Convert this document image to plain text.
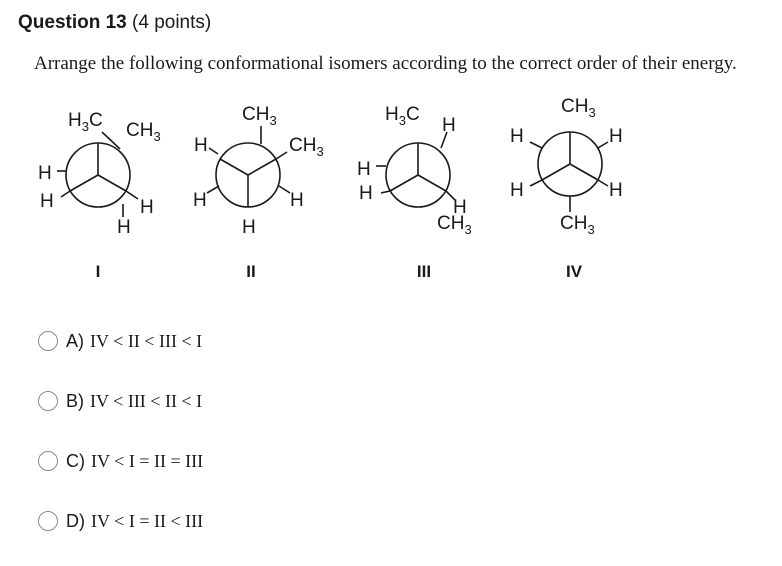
Question 13 (4 points)
Arrange the following conformational isomers according to the correct order of their energy.
$H_3C$ $CH_3$
H
H	H
H
$CH_3$
H	$CH_3$
H	H
H
$H_3C$
H
H
H
H
$CH_3$
$CH_3$
H	H
H	H
$CH_3$
I	II	III	IV
A) IV < II < III < I
B) IV < III < II < I
C) IV < I = II = III
D) IV < I = II < III
